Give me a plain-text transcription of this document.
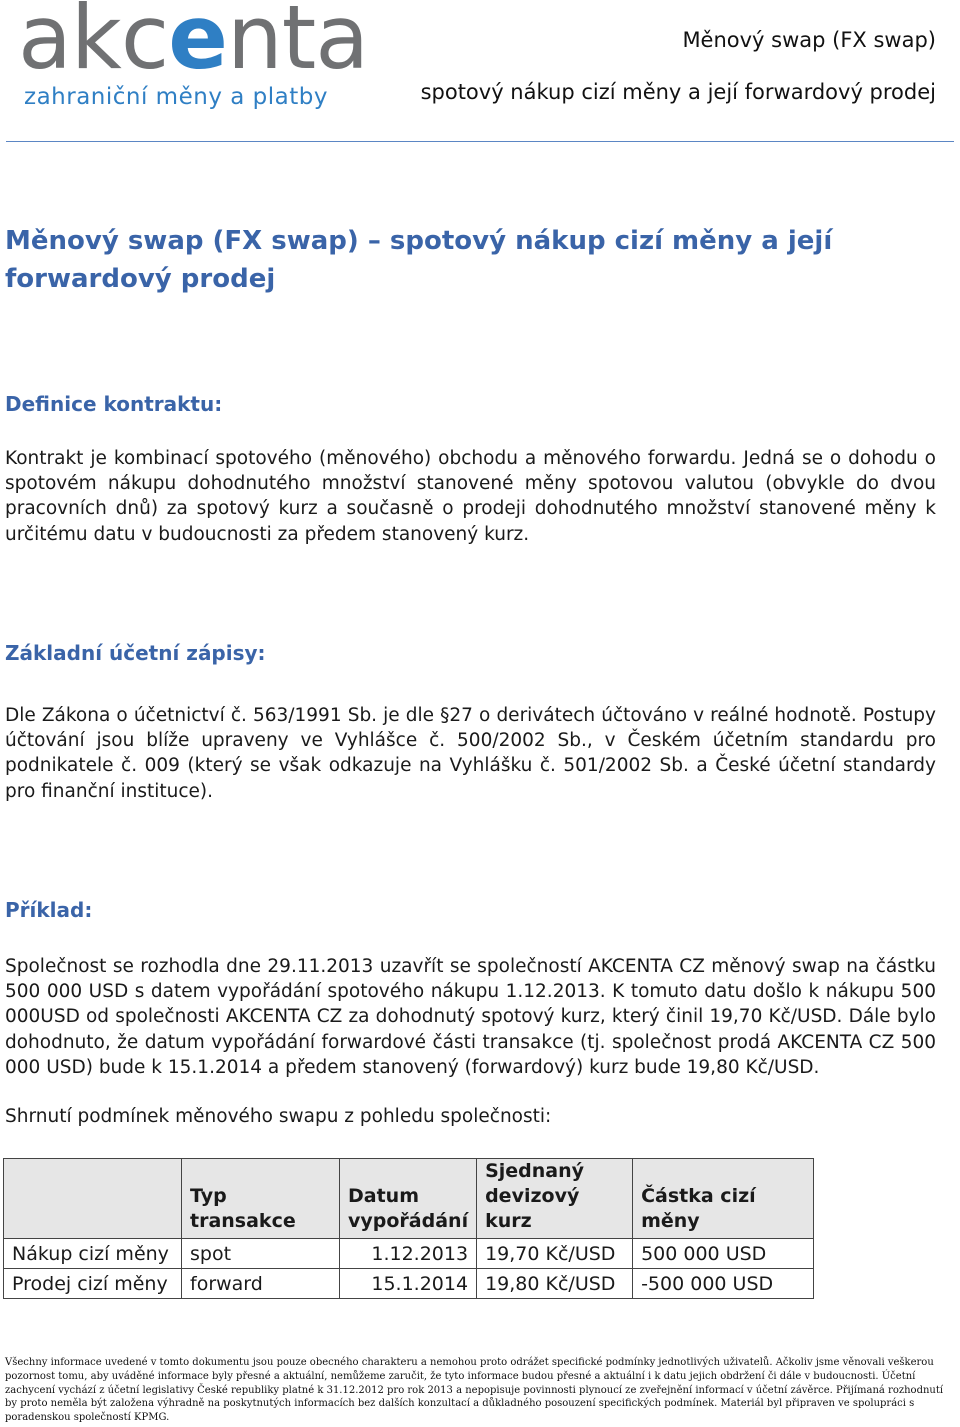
akcenta
zahraniční měny a platby
Měnový swap (FX swap)
spotový nákup cizí měny a její forwardový prodej
Měnový swap (FX swap) – spotový nákup cizí měny a její forwardový prodej
Definice kontraktu:
Kontrakt je kombinací spotového (měnového) obchodu a měnového forwardu. Jedná se o dohodu o spotovém nákupu dohodnutého množství stanovené měny spotovou valutou (obvykle do dvou pracovních dnů) za spotový kurz a současně o prodeji dohodnutého množství stanovené měny k určitému datu v budoucnosti za předem stanovený kurz.
Základní účetní zápisy:
Dle Zákona o účetnictví č. 563/1991 Sb. je dle §27 o derivátech účtováno v reálné hodnotě. Postupy účtování jsou blíže upraveny ve Vyhlášce č. 500/2002 Sb., v Českém účetním standardu pro podnikatele č. 009 (který se však odkazuje na Vyhlášku č. 501/2002 Sb. a České účetní standardy pro finanční instituce).
Příklad:
Společnost se rozhodla dne 29.11.2013 uzavřít se společností AKCENTA CZ měnový swap na částku 500 000 USD s datem vypořádání spotového nákupu 1.12.2013. K tomuto datu došlo k nákupu 500 000USD od společnosti AKCENTA CZ za dohodnutý spotový kurz, který činil 19,70 Kč/USD. Dále bylo dohodnuto, že datum vypořádání forwardové části transakce (tj. společnost prodá AKCENTA CZ 500 000 USD) bude k 15.1.2014 a předem stanovený (forwardový) kurz bude 19,80 Kč/USD.
Shrnutí podmínek měnového swapu z pohledu společnosti:
	Typ transakce	Datum vypořádání	Sjednaný devizový kurz	Částka cizí měny
Nákup cizí měny	spot	1.12.2013	19,70 Kč/USD	500 000 USD
Prodej cizí měny	forward	15.1.2014	19,80 Kč/USD	-500 000 USD
Všechny informace uvedené v tomto dokumentu jsou pouze obecného charakteru a nemohou proto odrážet specifické podmínky jednotlivých uživatelů. Ačkoliv jsme věnovali veškerou pozornost tomu, aby uváděné informace byly přesné a aktuální, nemůžeme zaručit, že tyto informace budou přesné a aktuální i k datu jejich obdržení či dále v budoucnosti. Účetní zachycení vychází z účetní legislativy České republiky platné k 31.12.2012 pro rok 2013 a nepopisuje povinnosti plynoucí ze zveřejnění informací v účetní závěrce. Přijímaná rozhodnutí by proto neměla být založena výhradně na poskytnutých informacích bez dalších konzultací a důkladného posouzení specifických podmínek. Materiál byl připraven ve spolupráci s poradenskou společností KPMG.
